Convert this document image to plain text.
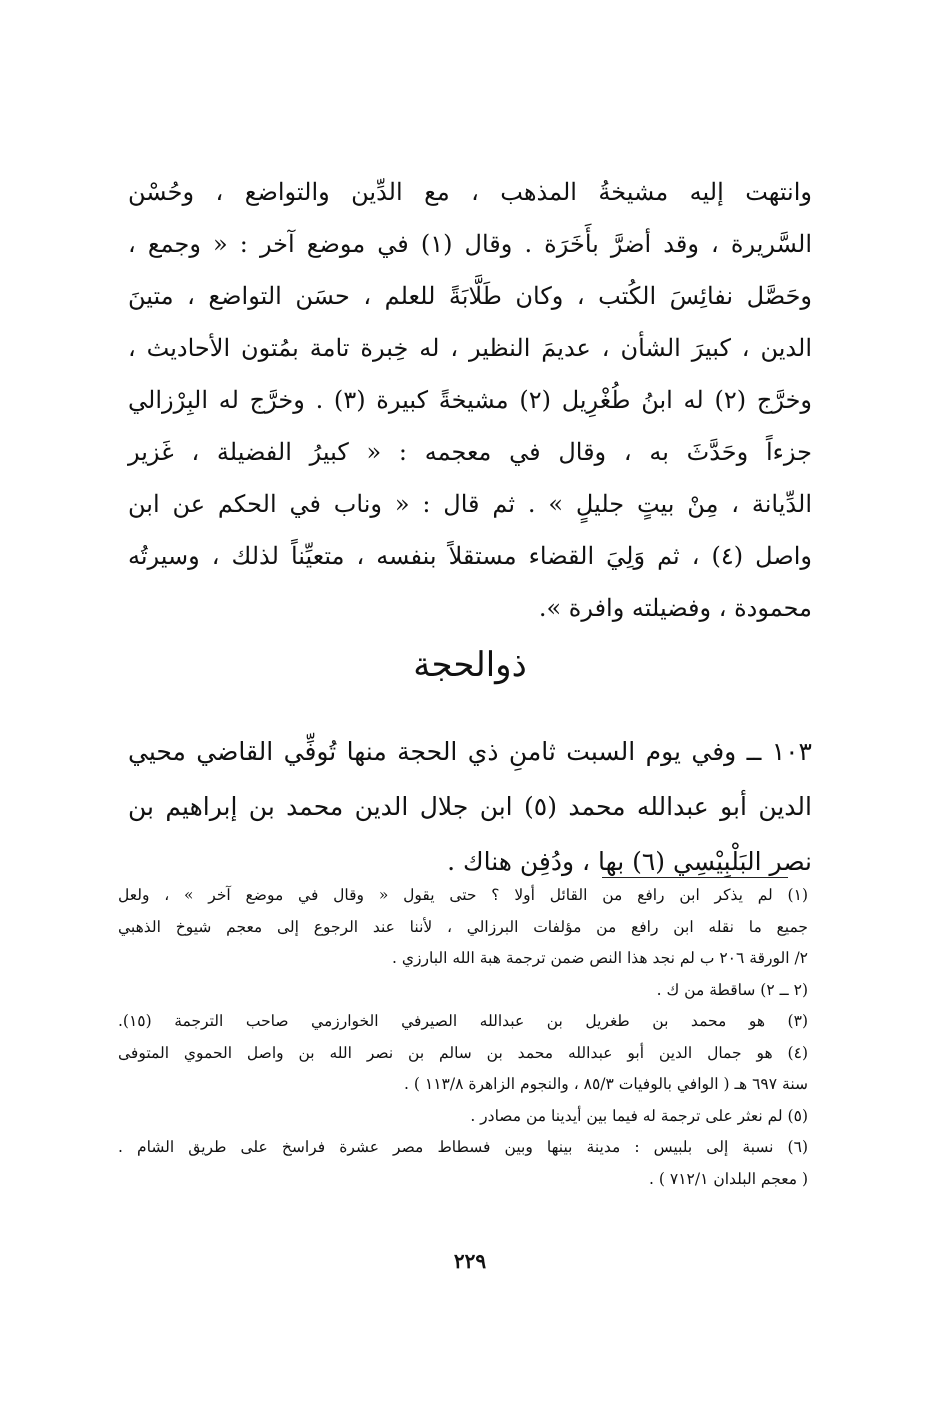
وانتهت إليه مشيخةُ المذهب ، مع الدِّين والتواضع ، وحُسْن
السَّريرة ، وقد أضرَّ بأَخَرَة . وقال (١) في موضع آخر : « وجمع ،
وحَصَّل نفائِسَ الكُتب ، وكان طَلَّابَةً للعلم ، حسَن التواضع ، متينَ
الدين ، كبيرَ الشأن ، عديمَ النظير ، له خِبرة تامة بمُتون الأحاديث ،
وخرَّج (٢) له ابنُ طُغْرِيل (٢) مشيخةً كبيرة (٣) . وخرَّج له البِرْزالي
جزءاً وحَدَّثَ به ، وقال في معجمه : « كبيرُ الفضيلة ، غَزير
الدِّيانة ، مِنْ بيتٍ جليلٍ » . ثم قال : « وناب في الحكم عن ابن
واصل (٤) ، ثم وَلِيَ القضاء مستقلاً بنفسه ، متعيِّناً لذلك ، وسيرتُه
محمودة ، وفضيلته وافرة ».
ذوالحجة
١٠٣ ــ وفي يوم السبت ثامنِ ذي الحجة منها تُوفِّي القاضي محيي
الدين أبو عبدالله محمد (٥) ابن جلال الدين محمد بن إبراهيم بن
نصر البَلْبِيْسِي (٦) بها ، ودُفِن هناك .
(١) لم يذكر ابن رافع من القائل أولا ؟ حتى يقول « وقال في موضع آخر » ، ولعل
جميع ما نقله ابن رافع من مؤلفات البرزالي ، لأننا عند الرجوع إلى معجم شيوخ الذهبي
٢/ الورقة ٢٠٦ ب لم نجد هذا النص ضمن ترجمة هبة الله البارزي .
(٢ ــ ٢) ساقطة من ك .
(٣) هو محمد بن طغريل بن عبدالله الصيرفي الخوارزمي صاحب الترجمة (١٥).
(٤) هو جمال الدين أبو عبدالله محمد بن سالم بن نصر الله بن واصل الحموي المتوفى
سنة ٦٩٧ هـ ( الوافي بالوفيات ٨٥/٣ ، والنجوم الزاهرة ١١٣/٨ ) .
(٥) لم نعثر على ترجمة له فيما بين أيدينا من مصادر .
(٦) نسبة إلى بلبيس : مدينة بينها وبين فسطاط مصر عشرة فراسخ على طريق الشام .
( معجم البلدان ٧١٢/١ ) .
٢٢٩
